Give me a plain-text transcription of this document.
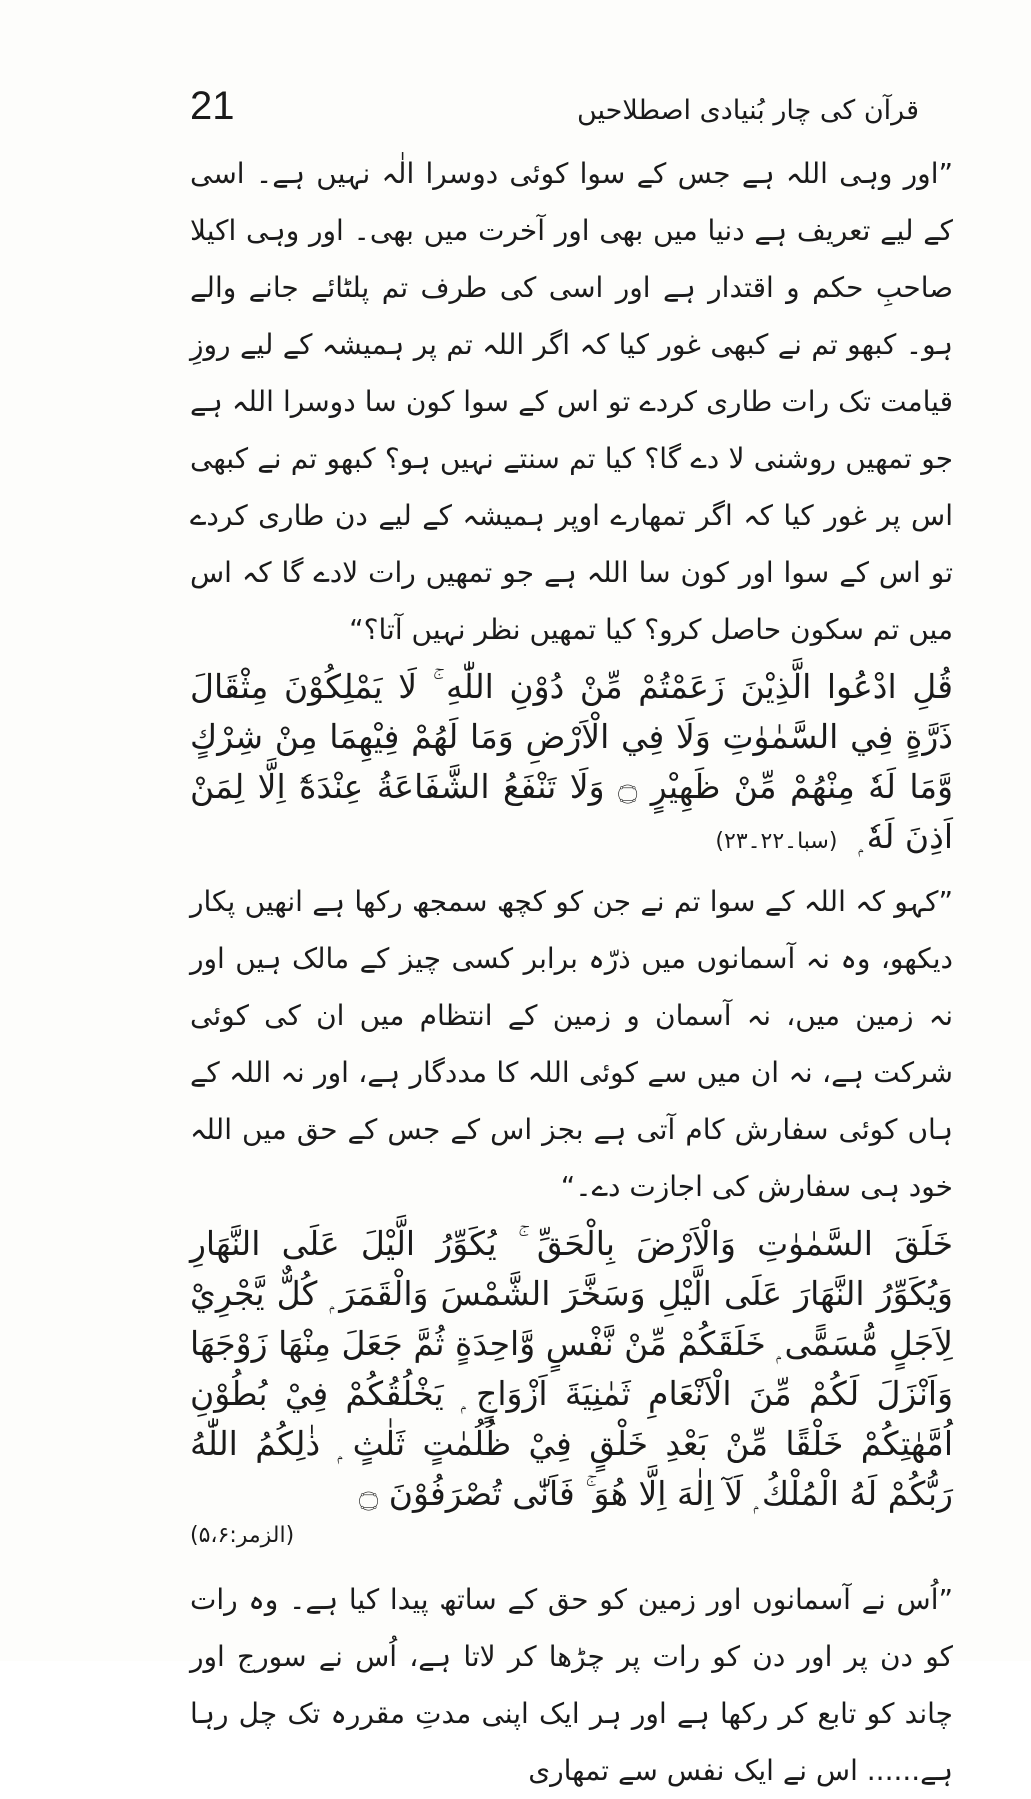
21	قرآن کی چار بُنیادی اصطلاحیں

”اور وہی اللہ ہے جس کے سوا کوئی دوسرا الٰہ نہیں ہے۔ اسی کے لیے تعریف ہے دنیا میں بھی اور آخرت میں بھی۔ اور وہی اکیلا صاحبِ حکم و اقتدار ہے اور اسی کی طرف تم پلٹائے جانے والے ہو۔ کبھو تم نے کبھی غور کیا کہ اگر اللہ تم پر ہمیشہ کے لیے روزِ قیامت تک رات طاری کردے تو اس کے سوا کون سا دوسرا اللہ ہے جو تمھیں روشنی لا دے گا؟ کیا تم سنتے نہیں ہو؟ کبھو تم نے کبھی اس پر غور کیا کہ اگر تمھارے اوپر ہمیشہ کے لیے دن طاری کردے تو اس کے سوا اور کون سا اللہ ہے جو تمھیں رات لادے گا کہ اس میں تم سکون حاصل کرو؟ کیا تمھیں نظر نہیں آتا؟“

قُلِ ادْعُوا الَّذِيْنَ زَعَمْتُمْ مِّنْ دُوْنِ اللّٰهِ ۚ لَا يَمْلِكُوْنَ مِثْقَالَ ذَرَّةٍ فِي السَّمٰوٰتِ وَلَا فِي الْاَرْضِ وَمَا لَهُمْ فِيْهِمَا مِنْ شِرْكٍ وَّمَا لَهٗ مِنْهُمْ مِّنْ ظَهِيْرٍ ۝ وَلَا تَنْفَعُ الشَّفَاعَةُ عِنْدَهٗٓ اِلَّا لِمَنْ اَذِنَ لَهٗ ۭ  (سبا۔۲۲۔۲۳)

”کہو کہ اللہ کے سوا تم نے جن کو کچھ سمجھ رکھا ہے انھیں پکار دیکھو، وہ نہ آسمانوں میں ذرّہ برابر کسی چیز کے مالک ہیں اور نہ زمین میں، نہ آسمان و زمین کے انتظام میں ان کی کوئی شرکت ہے، نہ ان میں سے کوئی اللہ کا مددگار ہے، اور نہ اللہ کے ہاں کوئی سفارش کام آتی ہے بجز اس کے جس کے حق میں اللہ خود ہی سفارش کی اجازت دے۔“

خَلَقَ السَّمٰوٰتِ وَالْاَرْضَ بِالْحَقِّ ۚ يُكَوِّرُ الَّيْلَ عَلَى النَّهَارِ وَيُكَوِّرُ النَّهَارَ عَلَى الَّيْلِ وَسَخَّرَ الشَّمْسَ وَالْقَمَرَ ۭ كُلٌّ يَّجْرِيْ لِاَجَلٍ مُّسَمًّى ۭ خَلَقَكُمْ مِّنْ نَّفْسٍ وَّاحِدَةٍ ثُمَّ جَعَلَ مِنْهَا زَوْجَهَا وَاَنْزَلَ لَكُمْ مِّنَ الْاَنْعَامِ ثَمٰنِيَةَ اَزْوَاجٍ ۭ يَخْلُقُكُمْ فِيْ بُطُوْنِ اُمَّهٰتِكُمْ خَلْقًا مِّنْ بَعْدِ خَلْقٍ فِيْ ظُلُمٰتٍ ثَلٰثٍ ۭ ذٰلِكُمُ اللّٰهُ رَبُّكُمْ لَهُ الْمُلْكُ ۭ لَآ اِلٰهَ اِلَّا هُوَ ۚ فَاَنّٰى تُصْرَفُوْنَ ۝

(الزمر:۵،۶)

”اُس نے آسمانوں اور زمین کو حق کے ساتھ پیدا کیا ہے۔ وہ رات کو دن پر اور دن کو رات پر چڑھا کر لاتا ہے، اُس نے سورج اور چاند کو تابع کر رکھا ہے اور ہر ایک اپنی مدتِ مقررہ تک چل رہا ہے...... اس نے ایک نفس سے تمھاری
